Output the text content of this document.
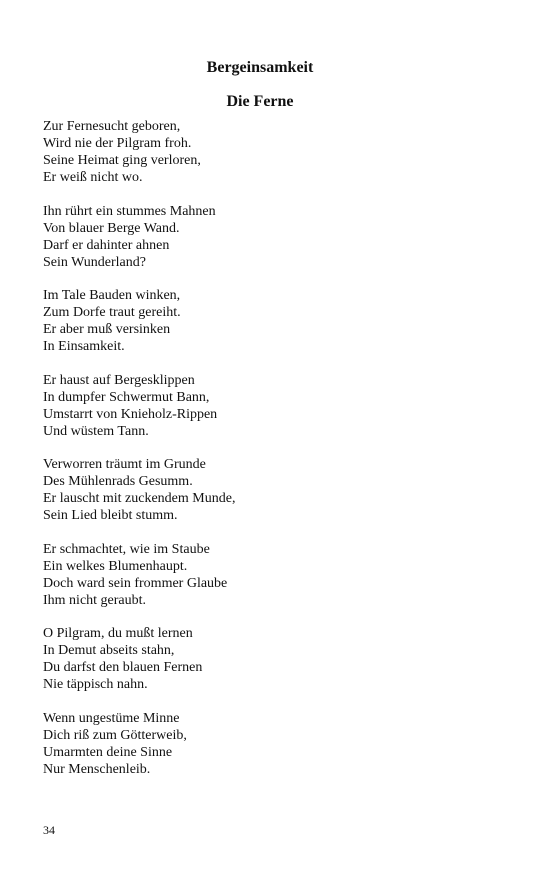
Bergeinsamkeit
Die Ferne
Zur Fernesucht geboren,
Wird nie der Pilgram froh.
Seine Heimat ging verloren,
Er weiß nicht wo.
Ihn rührt ein stummes Mahnen
Von blauer Berge Wand.
Darf er dahinter ahnen
Sein Wunderland?
Im Tale Bauden winken,
Zum Dorfe traut gereiht.
Er aber muß versinken
In Einsamkeit.
Er haust auf Bergesklippen
In dumpfer Schwermut Bann,
Umstarrt von Knieholz-Rippen
Und wüstem Tann.
Verworren träumt im Grunde
Des Mühlenrads Gesumm.
Er lauscht mit zuckendem Munde,
Sein Lied bleibt stumm.
Er schmachtet, wie im Staube
Ein welkes Blumenhaupt.
Doch ward sein frommer Glaube
Ihm nicht geraubt.
O Pilgram, du mußt lernen
In Demut abseits stahn,
Du darfst den blauen Fernen
Nie täppisch nahn.
Wenn ungestüme Minne
Dich riß zum Götterweib,
Umarmten deine Sinne
Nur Menschenleib.
34
